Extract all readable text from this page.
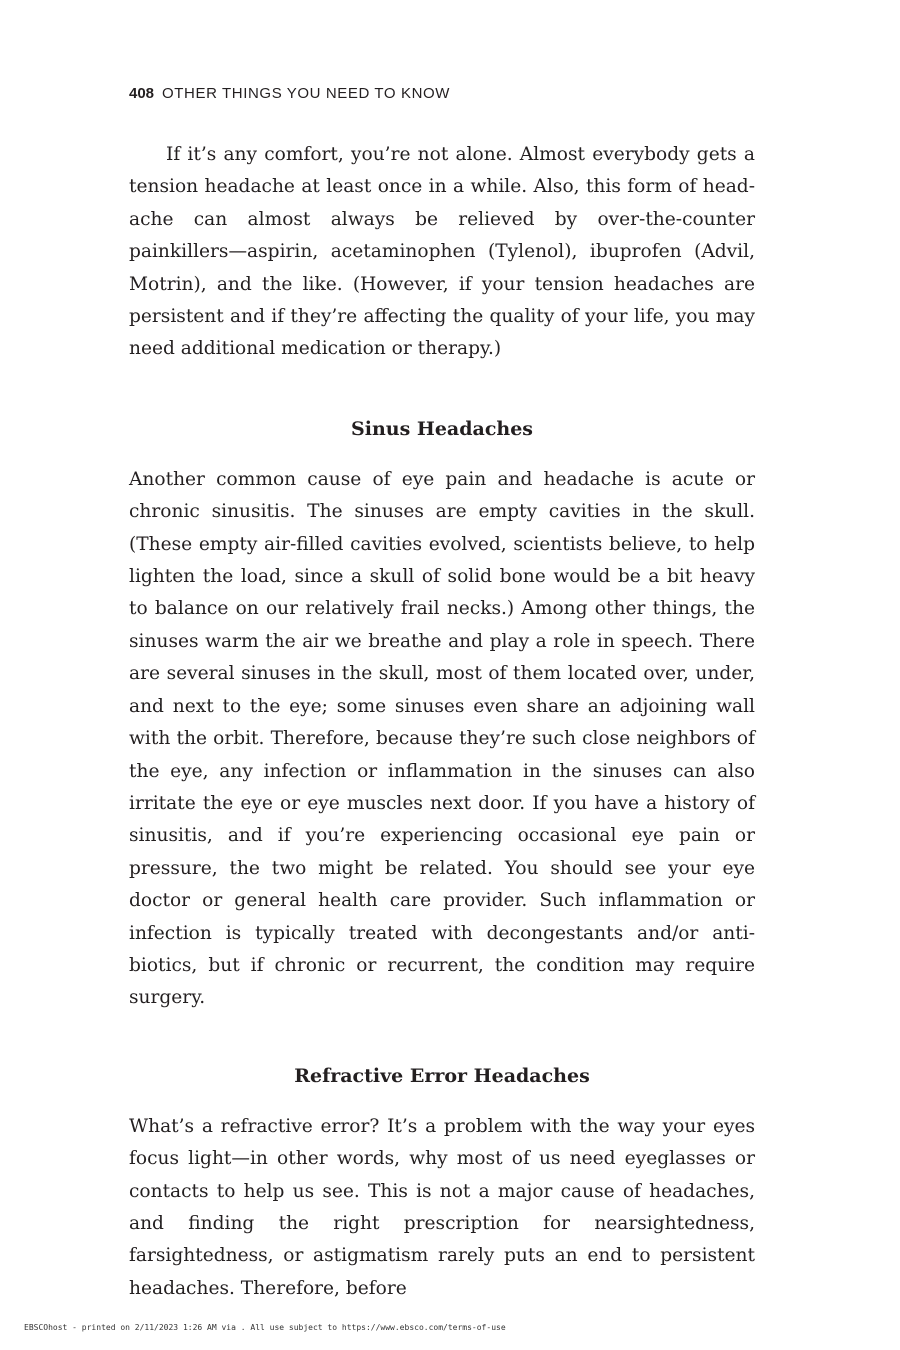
408 OTHER THINGS YOU NEED TO KNOW

If it’s any comfort, you’re not alone. Almost everybody gets a tension headache at least once in a while. Also, this form of headache can almost always be relieved by over-the-counter painkillers—aspirin, acetaminophen (Tylenol), ibuprofen (Advil, Motrin), and the like. (However, if your tension headaches are persistent and if they’re affecting the quality of your life, you may need additional medication or therapy.)

Sinus Headaches

Another common cause of eye pain and headache is acute or chronic sinusitis. The sinuses are empty cavities in the skull. (These empty air-filled cavities evolved, scientists believe, to help lighten the load, since a skull of solid bone would be a bit heavy to balance on our relatively frail necks.) Among other things, the sinuses warm the air we breathe and play a role in speech. There are several sinuses in the skull, most of them located over, under, and next to the eye; some sinuses even share an adjoining wall with the orbit. Therefore, because they’re such close neighbors of the eye, any infection or inflammation in the sinuses can also irritate the eye or eye muscles next door. If you have a history of sinusitis, and if you’re experiencing occasional eye pain or pressure, the two might be related. You should see your eye doctor or general health care provider. Such inflammation or infection is typically treated with decongestants and/or antibiotics, but if chronic or recurrent, the condition may require surgery.

Refractive Error Headaches

What’s a refractive error? It’s a problem with the way your eyes focus light—in other words, why most of us need eyeglasses or contacts to help us see. This is not a major cause of headaches, and finding the right prescription for nearsightedness, farsightedness, or astigmatism rarely puts an end to persistent headaches. Therefore, before

EBSCOhost - printed on 2/11/2023 1:26 AM via . All use subject to https://www.ebsco.com/terms-of-use
